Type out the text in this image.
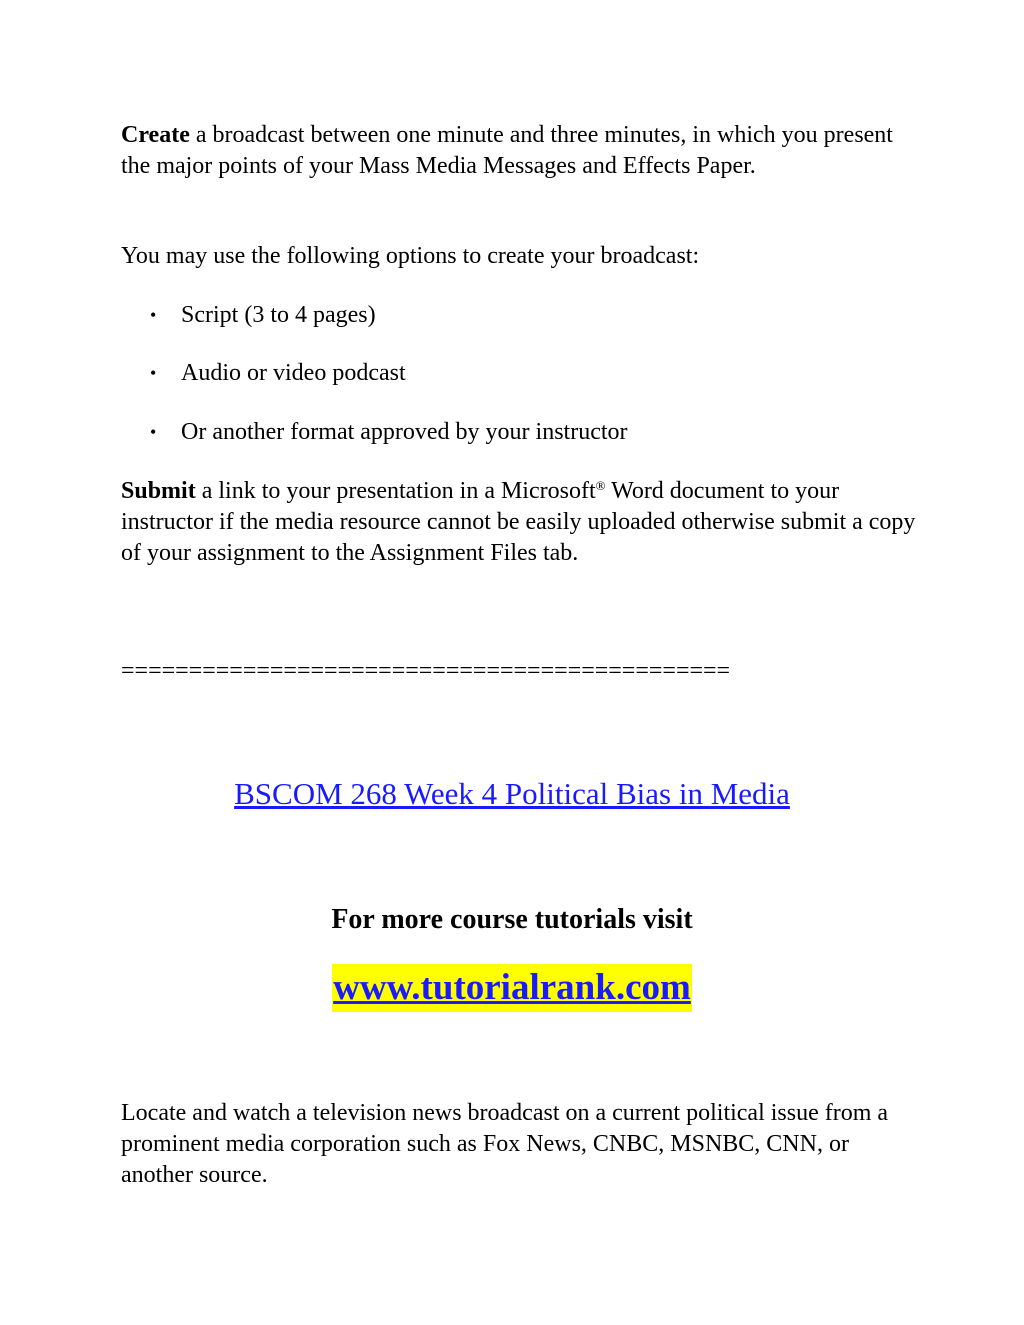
Create a broadcast between one minute and three minutes, in which you present the major points of your Mass Media Messages and Effects Paper.

You may use the following options to create your broadcast:

• Script (3 to 4 pages)
• Audio or video podcast
• Or another format approved by your instructor

Submit a link to your presentation in a Microsoft® Word document to your instructor if the media resource cannot be easily uploaded otherwise submit a copy of your assignment to the Assignment Files tab.

=============================================
BSCOM 268 Week 4 Political Bias in Media
For more course tutorials visit
www.tutorialrank.com

Locate and watch a television news broadcast on a current political issue from a prominent media corporation such as Fox News, CNBC, MSNBC, CNN, or another source.
